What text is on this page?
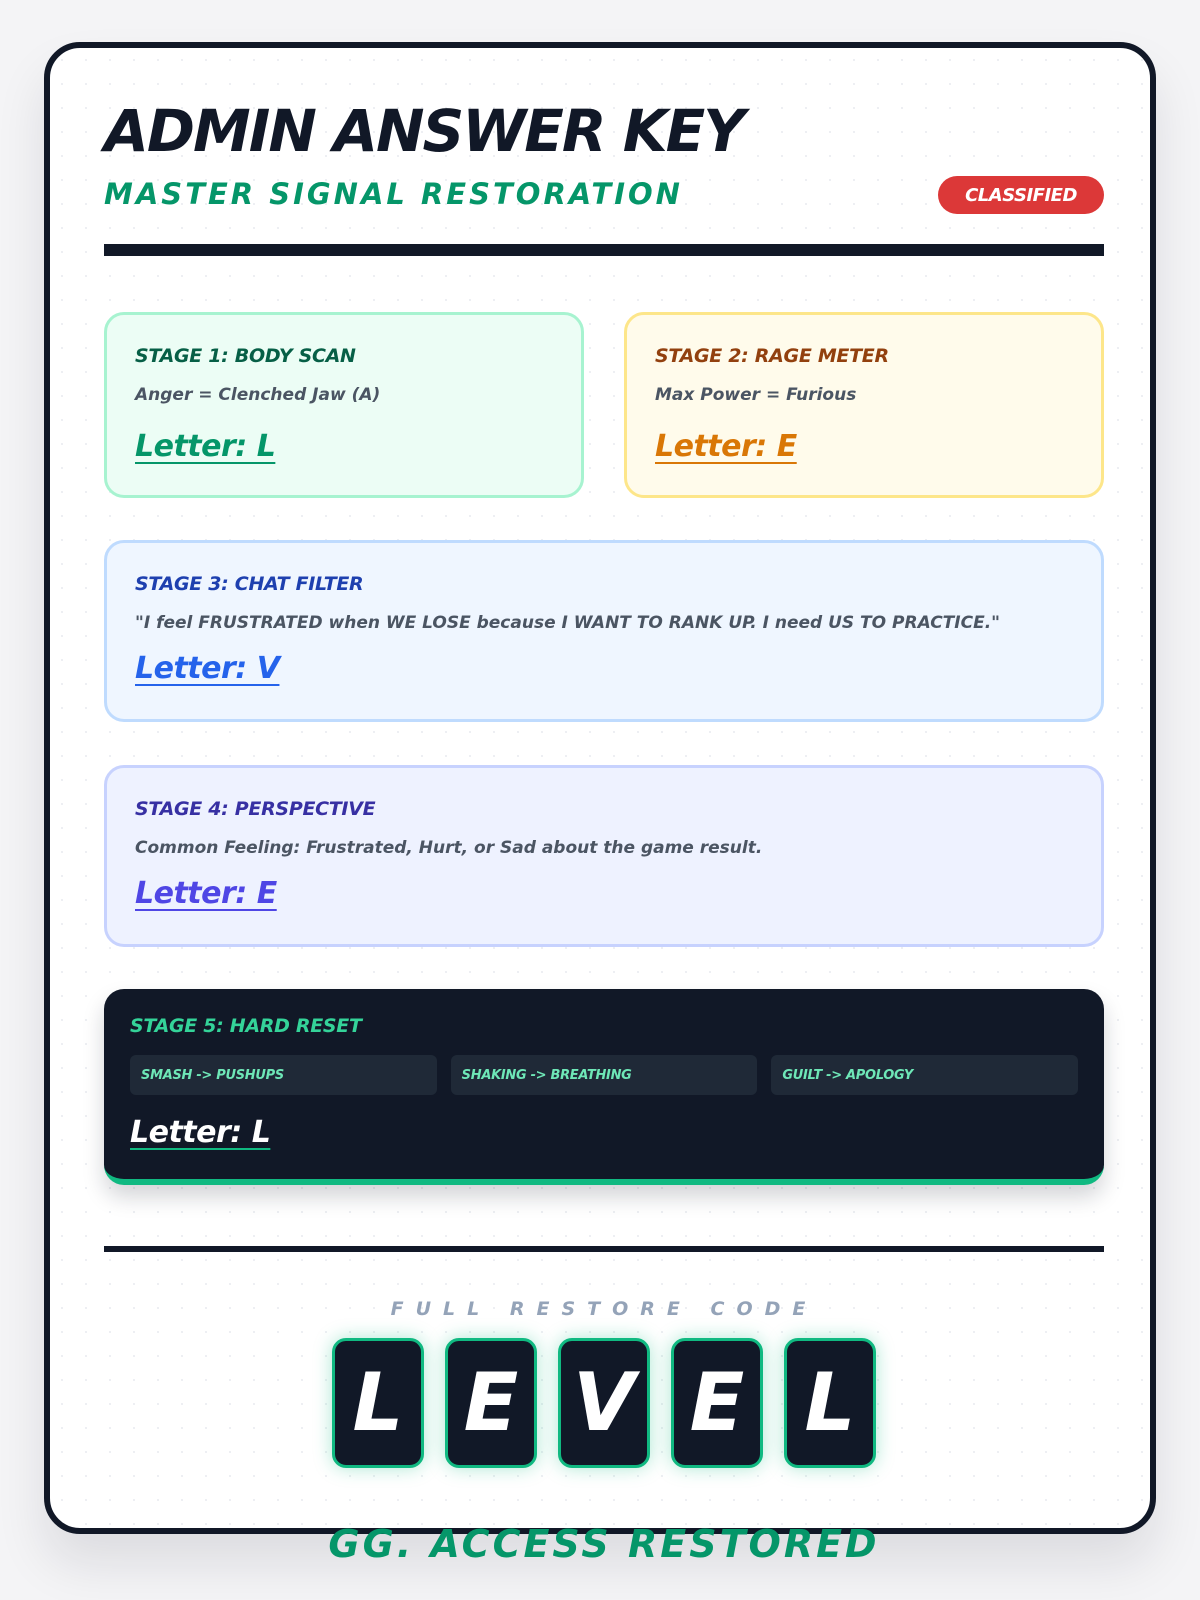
ADMIN ANSWER KEY
MASTER SIGNAL RESTORATION	CLASSIFIED
STAGE 1: BODY SCAN
Anger = Clenched Jaw (A)
Letter: L
STAGE 2: RAGE METER
Max Power = Furious
Letter: E
STAGE 3: CHAT FILTER
"I feel FRUSTRATED when WE LOSE because I WANT TO RANK UP. I need US TO PRACTICE."
Letter: V
STAGE 4: PERSPECTIVE
Common Feeling: Frustrated, Hurt, or Sad about the game result.
Letter: E
STAGE 5: HARD RESET
SMASH -> PUSHUPS	SHAKING -> BREATHING	GUILT -> APOLOGY
Letter: L
FULL RESTORE CODE
L E V E L
GG. ACCESS RESTORED
